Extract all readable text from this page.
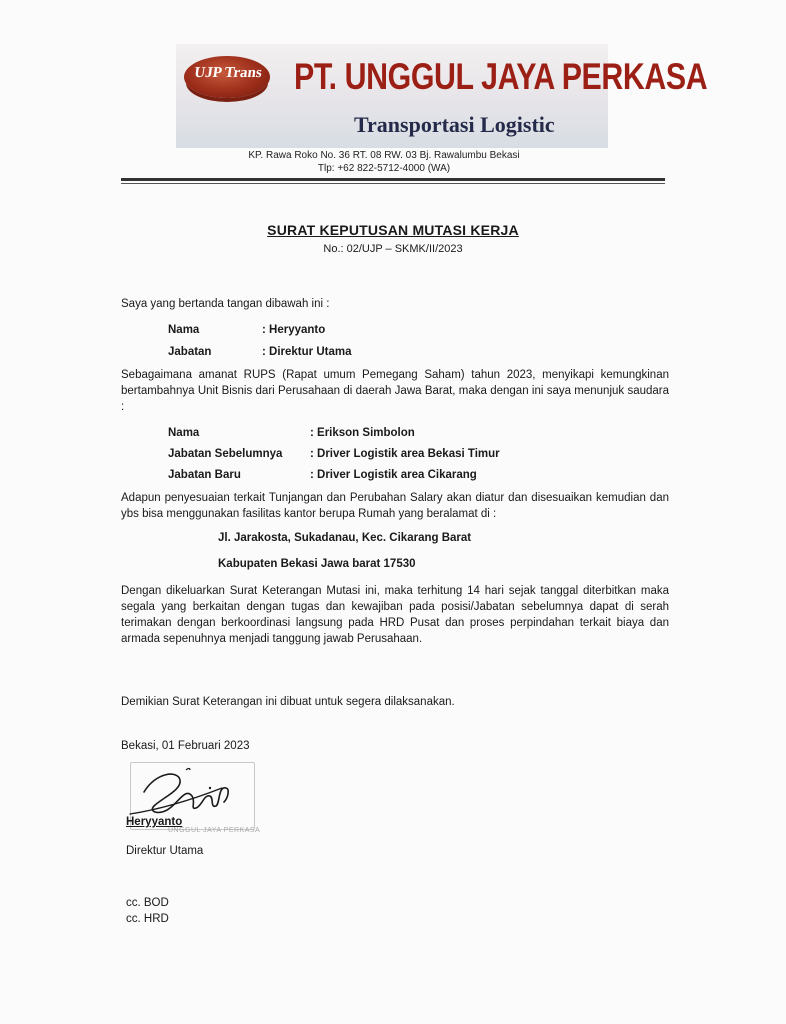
UJP Trans PT. UNGGUL JAYA PERKASA
Transportasi Logistic
KP. Rawa Roko No. 36 RT. 08 RW. 03 Bj. Rawalumbu Bekasi
Tlp: +62 822-5712-4000 (WA)
SURAT KEPUTUSAN MUTASI KERJA
No.: 02/UJP – SKMK/II/2023
Saya yang bertanda tangan dibawah ini :
Nama	: Heryyanto
Jabatan	: Direktur Utama
Sebagaimana amanat RUPS (Rapat umum Pemegang Saham) tahun 2023, menyikapi kemungkinan bertambahnya Unit Bisnis dari Perusahaan di daerah Jawa Barat, maka dengan ini saya menunjuk saudara :
Nama	: Erikson Simbolon
Jabatan Sebelumnya : Driver Logistik area Bekasi Timur
Jabatan Baru	: Driver Logistik area Cikarang
Adapun penyesuaian terkait Tunjangan dan Perubahan Salary akan diatur dan disesuaikan kemudian dan ybs bisa menggunakan fasilitas kantor berupa Rumah yang beralamat di :
Jl. Jarakosta, Sukadanau, Kec. Cikarang Barat
Kabupaten Bekasi Jawa barat 17530
Dengan dikeluarkan Surat Keterangan Mutasi ini, maka terhitung 14 hari sejak tanggal diterbitkan maka segala yang berkaitan dengan tugas dan kewajiban pada posisi/Jabatan sebelumnya dapat di serah terimakan dengan berkoordinasi langsung pada HRD Pusat dan proses perpindahan terkait biaya dan armada sepenuhnya menjadi tanggung jawab Perusahaan.
Demikian Surat Keterangan ini dibuat untuk segera dilaksanakan.
Bekasi, 01 Februari 2023
UNGGUL JAYA PERKASA
Heryyanto
Direktur Utama
cc. BOD
cc. HRD
